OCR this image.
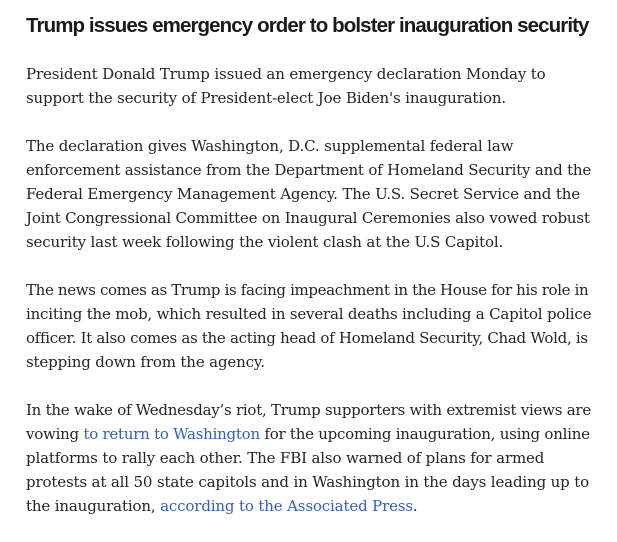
Trump issues emergency order to bolster inauguration security

President Donald Trump issued an emergency declaration Monday to
support the security of President-elect Joe Biden's inauguration.

The declaration gives Washington, D.C. supplemental federal law
enforcement assistance from the Department of Homeland Security and the
Federal Emergency Management Agency. The U.S. Secret Service and the
Joint Congressional Committee on Inaugural Ceremonies also vowed robust
security last week following the violent clash at the U.S Capitol.

The news comes as Trump is facing impeachment in the House for his role in
inciting the mob, which resulted in several deaths including a Capitol police
officer. It also comes as the acting head of Homeland Security, Chad Wold, is
stepping down from the agency.

In the wake of Wednesday’s riot, Trump supporters with extremist views are
vowing to return to Washington for the upcoming inauguration, using online
platforms to rally each other. The FBI also warned of plans for armed
protests at all 50 state capitols and in Washington in the days leading up to
the inauguration, according to the Associated Press.
